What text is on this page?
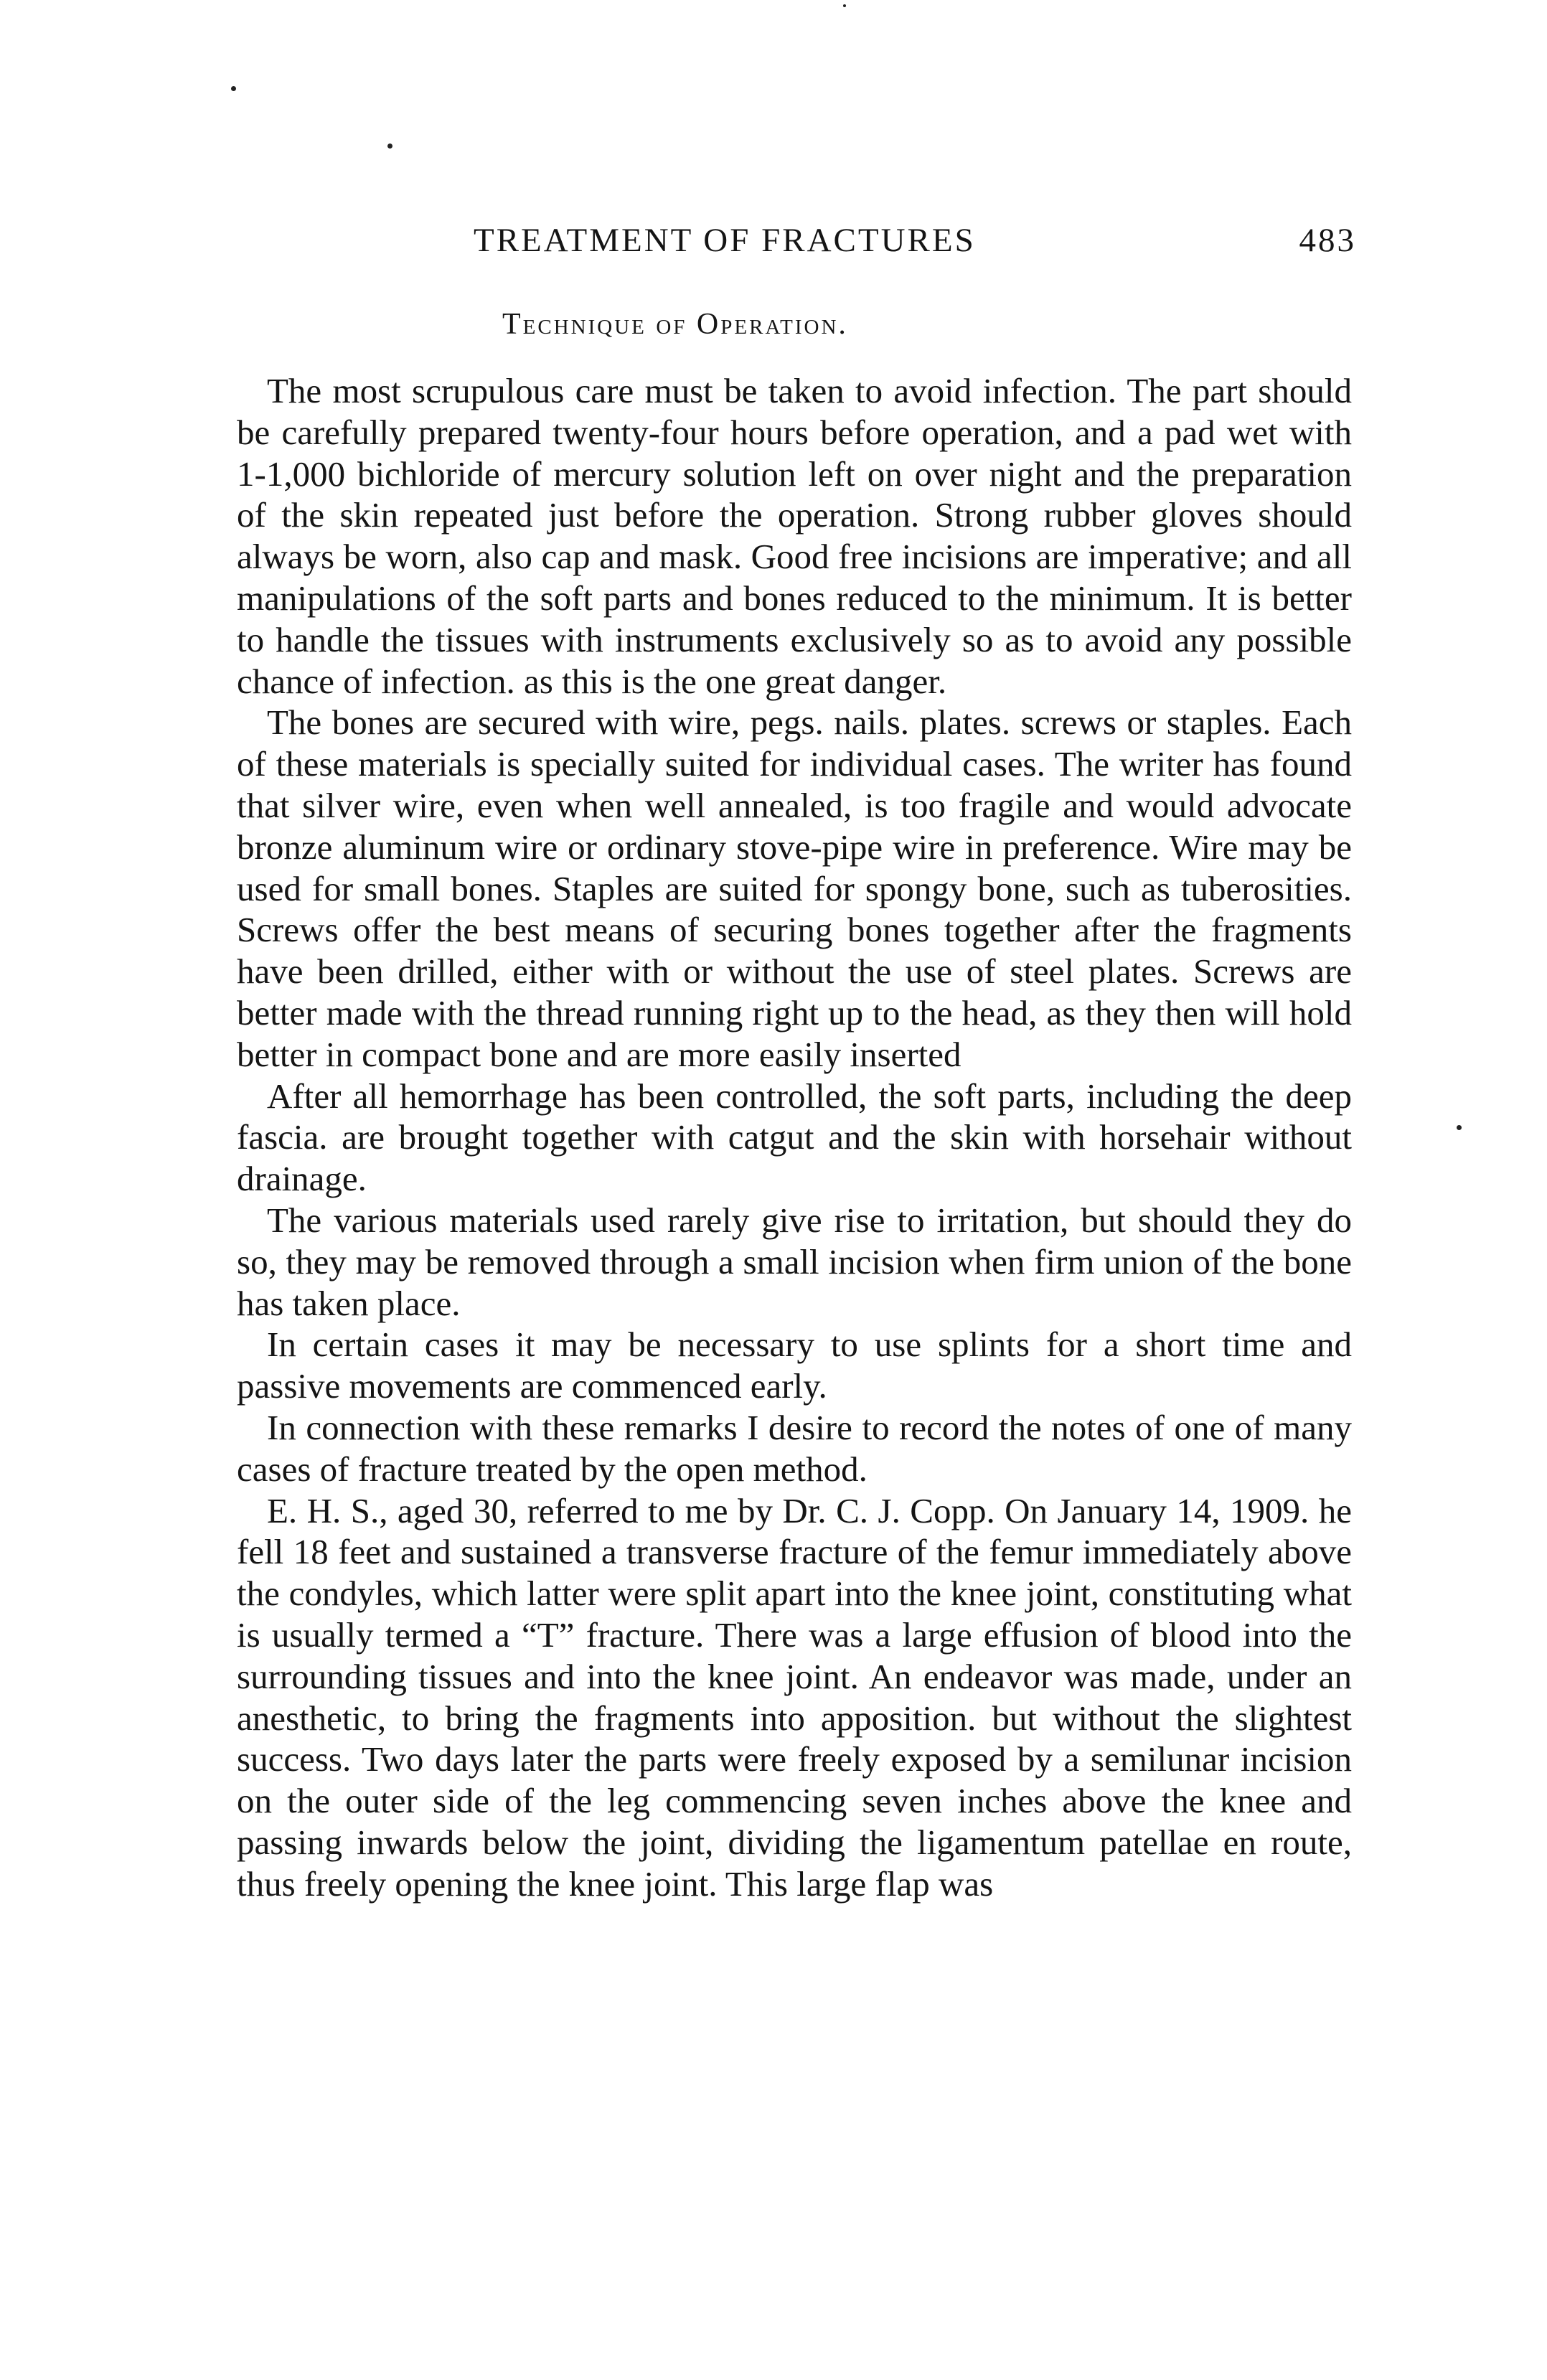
TREATMENT OF FRACTURES	483
Technique of Operation.

The most scrupulous care must be taken to avoid infection. The part should be carefully prepared twenty-four hours before operation, and a pad wet with 1-1,000 bichloride of mercury solution left on over night and the preparation of the skin repeated just before the operation. Strong rubber gloves should always be worn, also cap and mask. Good free incisions are imperative; and all manipulations of the soft parts and bones reduced to the minimum. It is better to handle the tissues with instruments exclusively so as to avoid any possible chance of infection. as this is the one great danger.

The bones are secured with wire, pegs. nails. plates. screws or staples. Each of these materials is specially suited for individual cases. The writer has found that silver wire, even when well annealed, is too fragile and would advocate bronze aluminum wire or ordinary stove-pipe wire in preference. Wire may be used for small bones. Staples are suited for spongy bone, such as tuberosities. Screws offer the best means of securing bones together after the fragments have been drilled, either with or without the use of steel plates. Screws are better made with the thread running right up to the head, as they then will hold better in compact bone and are more easily inserted

After all hemorrhage has been controlled, the soft parts, including the deep fascia. are brought together with catgut and the skin with horsehair without drainage.

The various materials used rarely give rise to irritation, but should they do so, they may be removed through a small incision when firm union of the bone has taken place.

In certain cases it may be necessary to use splints for a short time and passive movements are commenced early.

In connection with these remarks I desire to record the notes of one of many cases of fracture treated by the open method.

E. H. S., aged 30, referred to me by Dr. C. J. Copp. On January 14, 1909. he fell 18 feet and sustained a transverse fracture of the femur immediately above the condyles, which latter were split apart into the knee joint, constituting what is usually termed a “T” fracture. There was a large effusion of blood into the surrounding tissues and into the knee joint. An endeavor was made, under an anesthetic, to bring the fragments into apposition. but without the slightest success. Two days later the parts were freely exposed by a semilunar incision on the outer side of the leg commencing seven inches above the knee and passing inwards below the joint, dividing the ligamentum patellae en route, thus freely opening the knee joint. This large flap was
